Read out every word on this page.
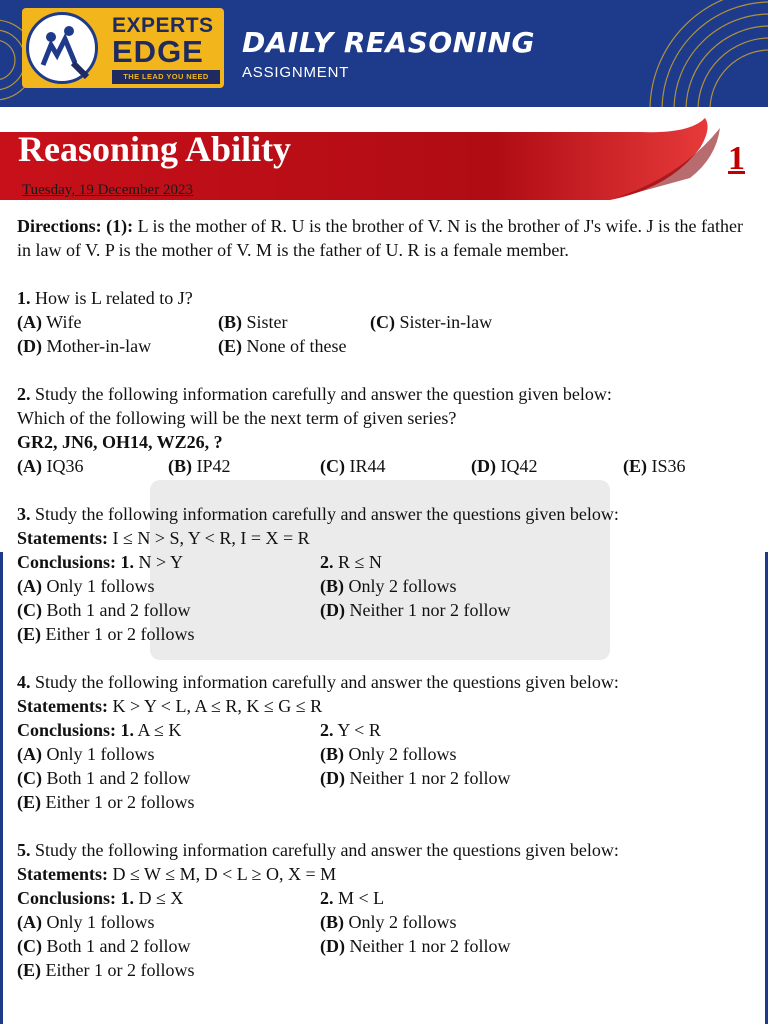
EXPERTS
EDGE
THE LEAD YOU NEED
DAILY REASONING
ASSIGNMENT
Reasoning Ability
Tuesday, 19 December 2023
1
Directions: (1): L is the mother of R. U is the brother of V. N is the brother of J's wife. J is the father in law of V. P is the mother of V. M is the father of U. R is a female member.
1. How is L related to J?
(A) Wife	(B) Sister	(C) Sister-in-law
(D) Mother-in-law	(E) None of these
2. Study the following information carefully and answer the question given below:
Which of the following will be the next term of given series?
GR2, JN6, OH14, WZ26, ?
(A) IQ36	(B) IP42	(C) IR44	(D) IQ42	(E) IS36
3. Study the following information carefully and answer the questions given below:
Statements: I ≤ N > S, Y < R, I = X = R
Conclusions: 1. N > Y	2. R ≤ N
(A) Only 1 follows	(B) Only 2 follows
(C) Both 1 and 2 follow	(D) Neither 1 nor 2 follow
(E) Either 1 or 2 follows
4. Study the following information carefully and answer the questions given below:
Statements: K > Y < L, A ≤ R, K ≤ G ≤ R
Conclusions: 1. A ≤ K	2. Y < R
(A) Only 1 follows	(B) Only 2 follows
(C) Both 1 and 2 follow	(D) Neither 1 nor 2 follow
(E) Either 1 or 2 follows
5. Study the following information carefully and answer the questions given below:
Statements: D ≤ W ≤ M, D < L ≥ O, X = M
Conclusions: 1. D ≤ X	2. M < L
(A) Only 1 follows	(B) Only 2 follows
(C) Both 1 and 2 follow	(D) Neither 1 nor 2 follow
(E) Either 1 or 2 follows
